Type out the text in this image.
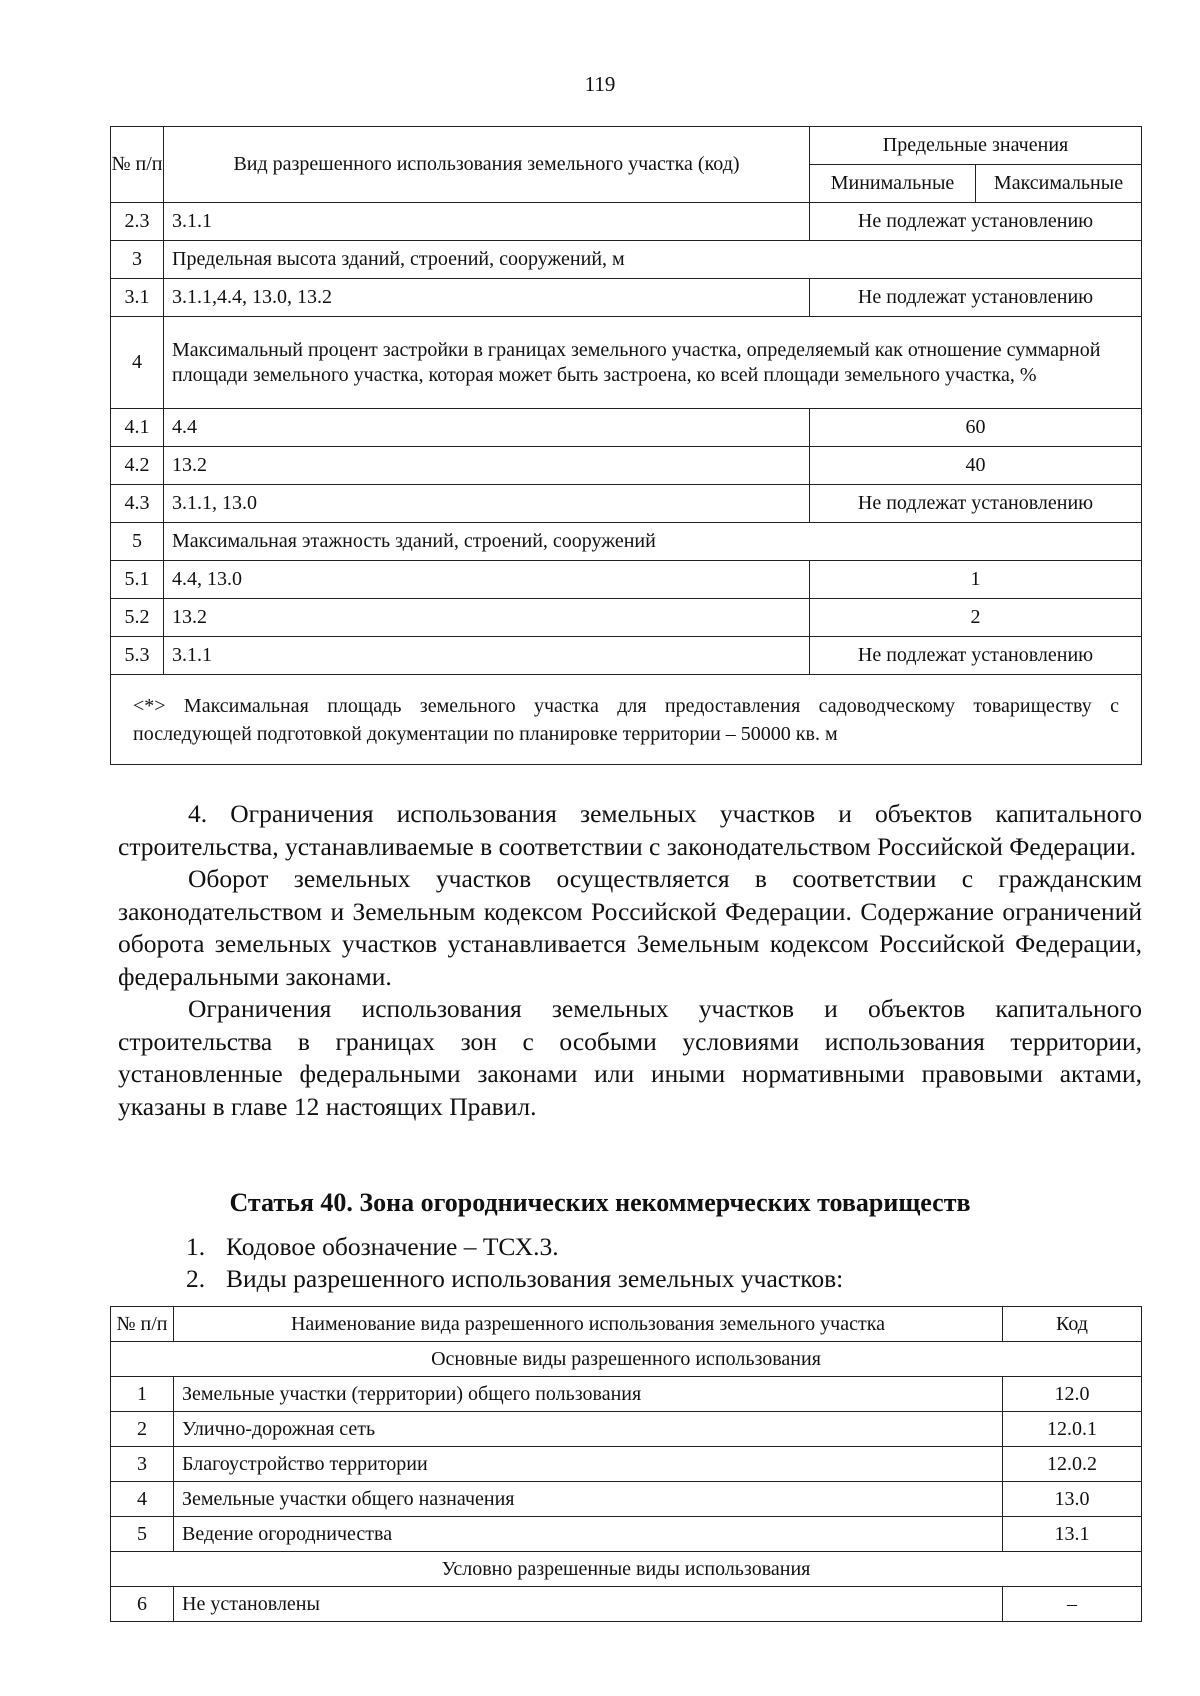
119
№ п/п	Вид разрешенного использования земельного участка (код)	Предельные значения	
		Минимальные	Максимальные
2.3	3.1.1	Не подлежат установлению	
3	Предельная высота зданий, строений, сооружений, м		
3.1	3.1.1,4.4, 13.0, 13.2	Не подлежат установлению	
4	Максимальный процент застройки в границах земельного участка, определяемый как отношение суммарной площади земельного участка, которая может быть застроена, ко всей площади земельного участка, %		
4.1	4.4	60	
4.2	13.2	40	
4.3	3.1.1, 13.0	Не подлежат установлению	
5	Максимальная этажность зданий, строений, сооружений		
5.1	4.4, 13.0	1	
5.2	13.2	2	
5.3	3.1.1	Не подлежат установлению	
<*> Максимальная площадь земельного участка для предоставления садоводческому товариществу с последующей подготовкой документации по планировке территории – 50000 кв. м			

4. Ограничения использования земельных участков и объектов капитального строительства, устанавливаемые в соответствии с законодательством Российской Федерации.

Оборот земельных участков осуществляется в соответствии с гражданским законодательством и Земельным кодексом Российской Федерации. Содержание ограничений оборота земельных участков устанавливается Земельным кодексом Российской Федерации, федеральными законами.

Ограничения использования земельных участков и объектов капитального строительства в границах зон с особыми условиями использования территории, установленные федеральными законами или иными нормативными правовыми актами, указаны в главе 12 настоящих Правил.

Статья 40. Зона огороднических некоммерческих товариществ
1. Кодовое обозначение – ТСХ.3.
2. Виды разрешенного использования земельных участков:
№ п/п	Наименование вида разрешенного использования земельного участка	Код
Основные виды разрешенного использования		
1	Земельные участки (территории) общего пользования	12.0
2	Улично-дорожная сеть	12.0.1
3	Благоустройство территории	12.0.2
4	Земельные участки общего назначения	13.0
5	Ведение огородничества	13.1
Условно разрешенные виды использования		
6	Не установлены	–
